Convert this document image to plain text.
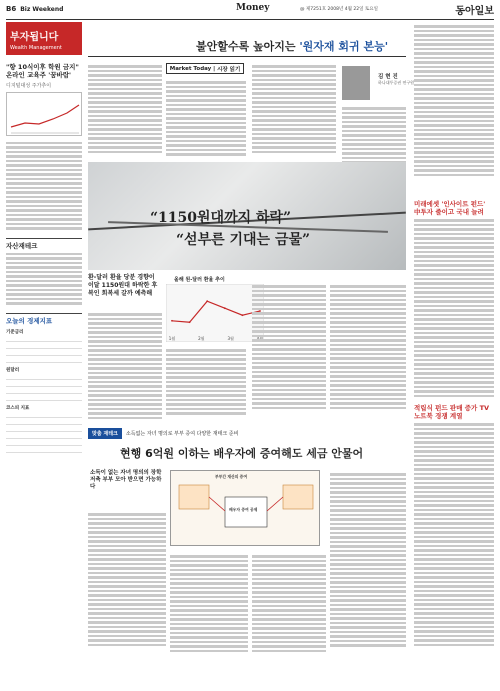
B6 Biz Weekend	Money	@ 제7251호 2008년 4월 22일 토요일	동아일보
부자됩니다
Wealth Management
"향 10식이후 학원 금지" 온라인 교육주 '꿈바람'
디지털대성 주가추이
자산재테크
오늘의 경제지표
기준금리

원달러

코스피 지표

불안할수록 높아지는 '원자재 회귀 본능'
Market Today | 시장 읽기
김 현 진
하나대투증권 연구원
“1150원대까지 하락”
“섣부른 기대는 금물”
미래에셋 '인사이트 펀드' 中투자 줄이고 국내 늘려
적립식 펀드 판매 증가 TV 노트북 경쟁 계열
환-달러 환율 당분 경향이 이달 1150원대 하락한 후 복인 회복세 갈까 예측해
올해 원-달러 환율 추이
1월	2월	3월
맞춤 재테크	소득없는 자녀 명의로 부부 증여 다양한 재태크 준비
현행 6억원 이하는 배우자에 증여해도 세금 안물어
소득이 없는 자녀 명의의 장학저축 부부 모아 받으면 가능하다
부부간 재산의 증여
배우자 증여 공제
